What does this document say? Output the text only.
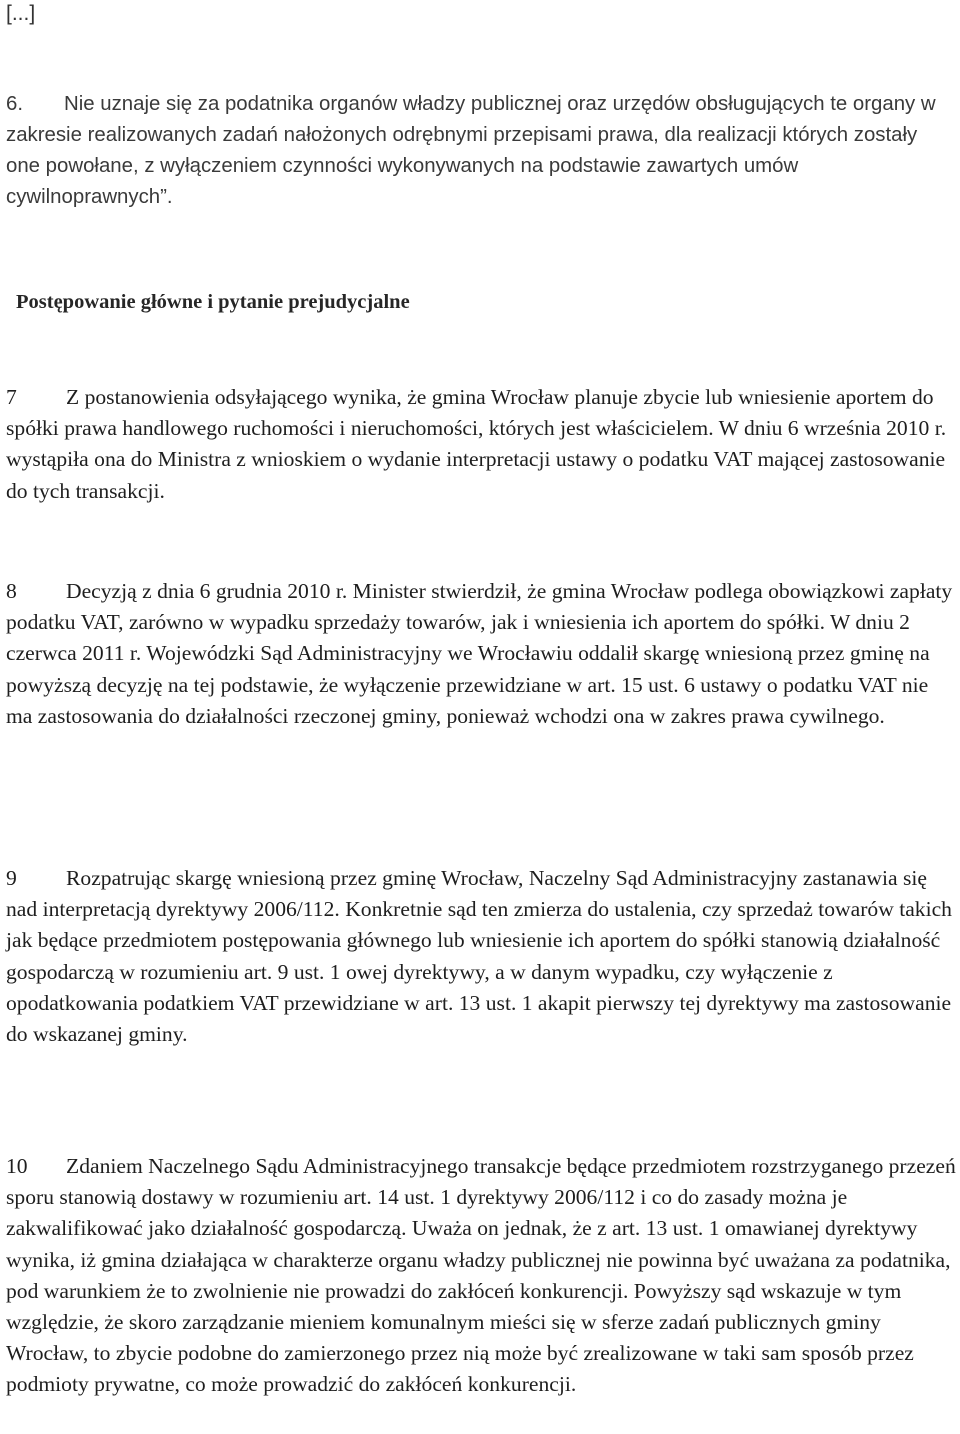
[...]

6. Nie uznaje się za podatnika organów władzy publicznej oraz urzędów obsługujących te organy w zakresie realizowanych zadań nałożonych odrębnymi przepisami prawa, dla realizacji których zostały one powołane, z wyłączeniem czynności wykonywanych na podstawie zawartych umów cywilnoprawnych”.

Postępowanie główne i pytanie prejudycjalne

7 Z postanowienia odsyłającego wynika, że gmina Wrocław planuje zbycie lub wniesienie aportem do spółki prawa handlowego ruchomości i nieruchomości, których jest właścicielem. W dniu 6 września 2010 r. wystąpiła ona do Ministra z wnioskiem o wydanie interpretacji ustawy o podatku VAT mającej zastosowanie do tych transakcji.

8 Decyzją z dnia 6 grudnia 2010 r. Minister stwierdził, że gmina Wrocław podlega obowiązkowi zapłaty podatku VAT, zarówno w wypadku sprzedaży towarów, jak i wniesienia ich aportem do spółki. W dniu 2 czerwca 2011 r. Wojewódzki Sąd Administracyjny we Wrocławiu oddalił skargę wniesioną przez gminę na powyższą decyzję na tej podstawie, że wyłączenie przewidziane w art. 15 ust. 6 ustawy o podatku VAT nie ma zastosowania do działalności rzeczonej gminy, ponieważ wchodzi ona w zakres prawa cywilnego.

9 Rozpatrując skargę wniesioną przez gminę Wrocław, Naczelny Sąd Administracyjny zastanawia się nad interpretacją dyrektywy 2006/112. Konkretnie sąd ten zmierza do ustalenia, czy sprzedaż towarów takich jak będące przedmiotem postępowania głównego lub wniesienie ich aportem do spółki stanowią działalność gospodarczą w rozumieniu art. 9 ust. 1 owej dyrektywy, a w danym wypadku, czy wyłączenie z opodatkowania podatkiem VAT przewidziane w art. 13 ust. 1 akapit pierwszy tej dyrektywy ma zastosowanie do wskazanej gminy.

10 Zdaniem Naczelnego Sądu Administracyjnego transakcje będące przedmiotem rozstrzyganego przezeń sporu stanowią dostawy w rozumieniu art. 14 ust. 1 dyrektywy 2006/112 i co do zasady można je zakwalifikować jako działalność gospodarczą. Uważa on jednak, że z art. 13 ust. 1 omawianej dyrektywy wynika, iż gmina działająca w charakterze organu władzy publicznej nie powinna być uważana za podatnika, pod warunkiem że to zwolnienie nie prowadzi do zakłóceń konkurencji. Powyższy sąd wskazuje w tym względzie, że skoro zarządzanie mieniem komunalnym mieści się w sferze zadań publicznych gminy Wrocław, to zbycie podobne do zamierzonego przez nią może być zrealizowane w taki sam sposób przez podmioty prywatne, co może prowadzić do zakłóceń konkurencji.
